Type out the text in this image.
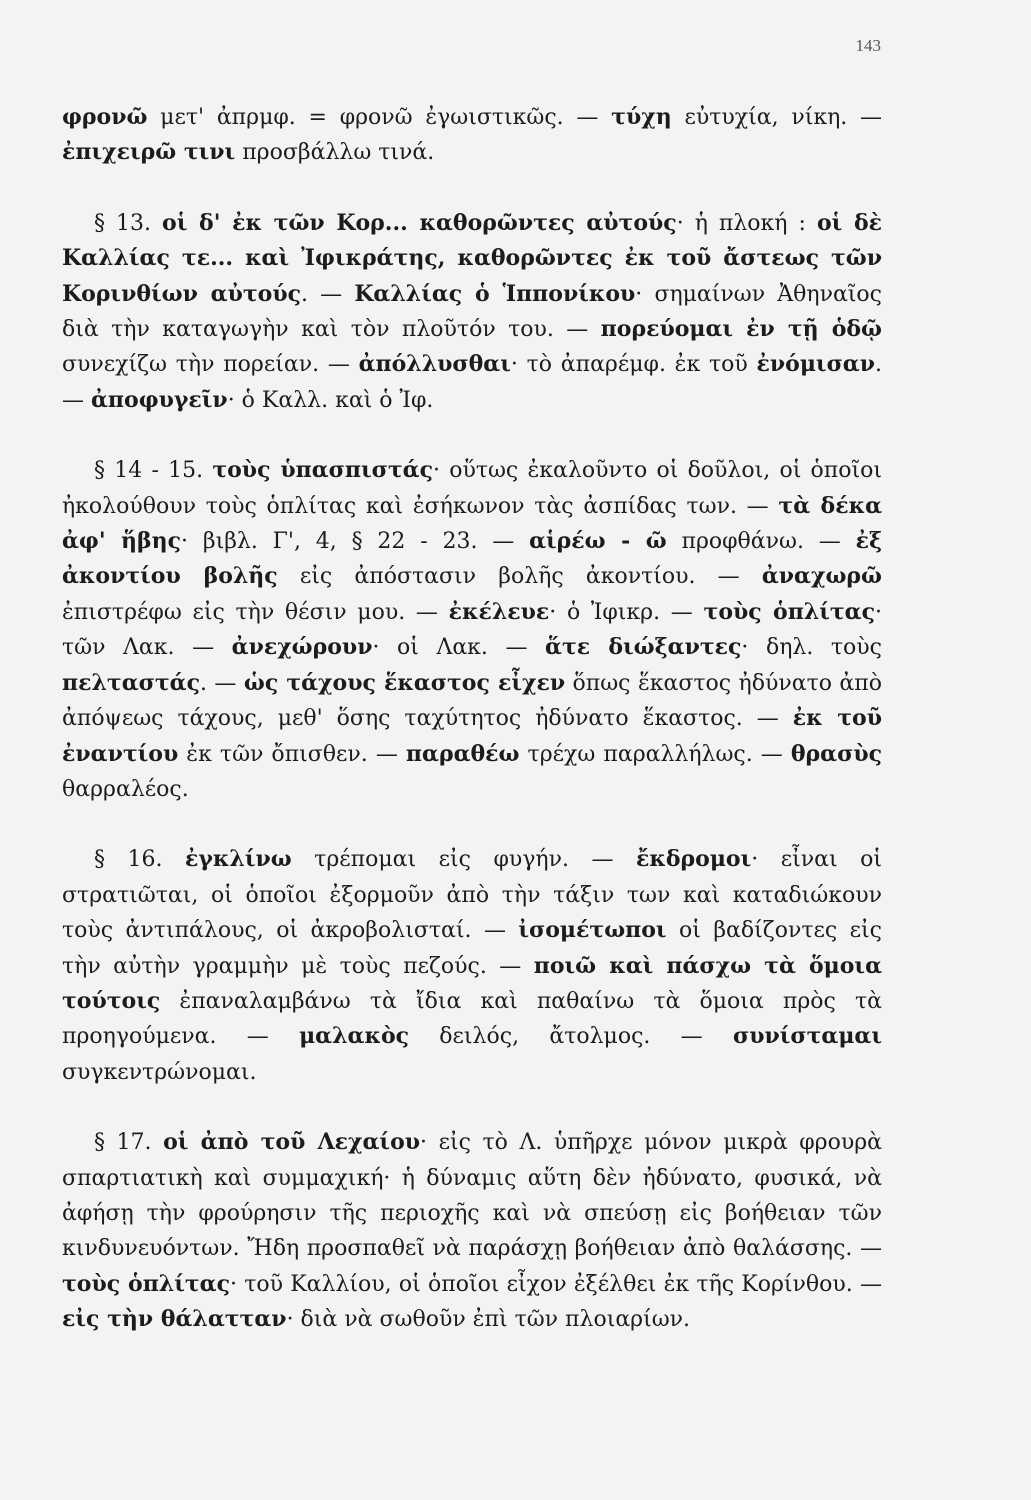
143

φρονῶ μετ' ἀπρμφ. = φρονῶ ἐγωιστικῶς. — τύχη εὐτυχία, νίκη. — ἐπιχειρῶ τινι προσβάλλω τινά.

§ 13. οἱ δ' ἐκ τῶν Κορ... καθορῶντες αὐτούς· ἡ πλοκή : οἱ δὲ Καλλίας τε... καὶ Ἰφικράτης, καθορῶντες ἐκ τοῦ ἄστεως τῶν Κορινθίων αὐτούς. — Καλλίας ὁ Ἱππονίκου· σημαίνων Ἀθηναῖος διὰ τὴν καταγωγὴν καὶ τὸν πλοῦτόν του. — πορεύομαι ἐν τῇ ὁδῷ συνεχίζω τὴν πορείαν. — ἀπόλλυσθαι· τὸ ἀπαρέμφ. ἐκ τοῦ ἐνόμισαν. — ἀποφυγεῖν· ὁ Καλλ. καὶ ὁ Ἰφ.

§ 14 - 15. τοὺς ὑπασπιστάς· οὕτως ἐκαλοῦντο οἱ δοῦλοι, οἱ ὁποῖοι ἠκολούθουν τοὺς ὁπλίτας καὶ ἐσήκωνον τὰς ἀσπίδας των. — τὰ δέκα ἀφ' ἥβης· βιβλ. Γ', 4, § 22 - 23. — αἱρέω - ῶ προφθάνω. — ἐξ ἀκοντίου βολῆς εἰς ἀπόστασιν βολῆς ἀκοντίου. — ἀναχωρῶ ἐπιστρέφω εἰς τὴν θέσιν μου. — ἐκέλευε· ὁ Ἰφικρ. — τοὺς ὁπλίτας· τῶν Λακ. — ἀνεχώρουν· οἱ Λακ. — ἅτε διώξαντες· δηλ. τοὺς πελταστάς. — ὡς τάχους ἕκαστος εἶχεν ὅπως ἕκαστος ἠδύνατο ἀπὸ ἀπόψεως τάχους, μεθ' ὅσης ταχύτητος ἠδύνατο ἕκαστος. — ἐκ τοῦ ἐναντίου ἐκ τῶν ὄπισθεν. — παραθέω τρέχω παραλλήλως. — θρασὺς θαρραλέος.

§ 16. ἐγκλίνω τρέπομαι εἰς φυγήν. — ἔκδρομοι· εἶναι οἱ στρατιῶται, οἱ ὁποῖοι ἐξορμοῦν ἀπὸ τὴν τάξιν των καὶ καταδιώκουν τοὺς ἀντιπάλους, οἱ ἀκροβολισταί. — ἰσομέτωποι οἱ βαδίζοντες εἰς τὴν αὐτὴν γραμμὴν μὲ τοὺς πεζούς. — ποιῶ καὶ πάσχω τὰ ὅμοια τούτοις ἐπαναλαμβάνω τὰ ἴδια καὶ παθαίνω τὰ ὅμοια πρὸς τὰ προηγούμενα. — μαλακὸς δειλός, ἄτολμος. — συνίσταμαι συγκεντρώνομαι.

§ 17. οἱ ἀπὸ τοῦ Λεχαίου· εἰς τὸ Λ. ὑπῆρχε μόνον μικρὰ φρουρὰ σπαρτιατικὴ καὶ συμμαχική· ἡ δύναμις αὕτη δὲν ἠδύνατο, φυσικά, νὰ ἀφήσῃ τὴν φρούρησιν τῆς περιοχῆς καὶ νὰ σπεύσῃ εἰς βοήθειαν τῶν κινδυνευόντων. Ἤδη προσπαθεῖ νὰ παράσχῃ βοήθειαν ἀπὸ θαλάσσης. — τοὺς ὁπλίτας· τοῦ Καλλίου, οἱ ὁποῖοι εἶχον ἐξέλθει ἐκ τῆς Κορίνθου. — εἰς τὴν θάλατταν· διὰ νὰ σωθοῦν ἐπὶ τῶν πλοιαρίων.
